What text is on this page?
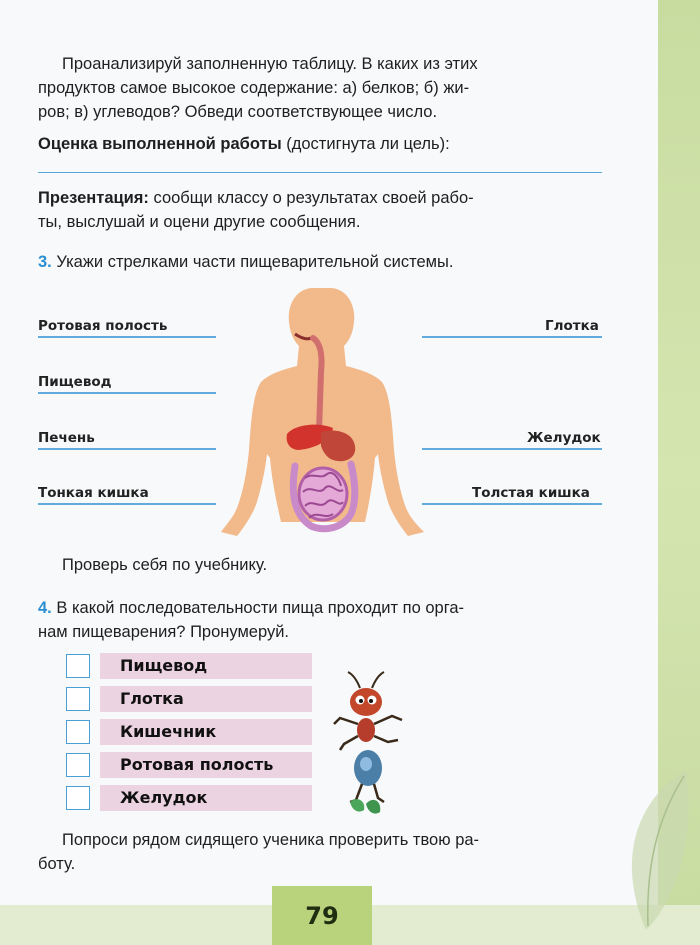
Проанализируй заполненную таблицу. В каких из этих
продуктов самое высокое содержание: а) белков; б) жи-
ров; в) углеводов? Обведи соответствующее число.
Оценка выполненной работы (достигнута ли цель):
Презентация: сообщи классу о результатах своей рабо-
ты, выслушай и оцени другие сообщения.
3. Укажи стрелками части пищеварительной системы.
Ротовая полость	Глотка
Пищевод
Печень	Желудок
Тонкая кишка	Толстая кишка
Проверь себя по учебнику.
4. В какой последовательности пища проходит по орга-
нам пищеварения? Пронумеруй.
Пищевод
Глотка
Кишечник
Ротовая полость
Желудок
Попроси рядом сидящего ученика проверить твою ра-
боту.
79
